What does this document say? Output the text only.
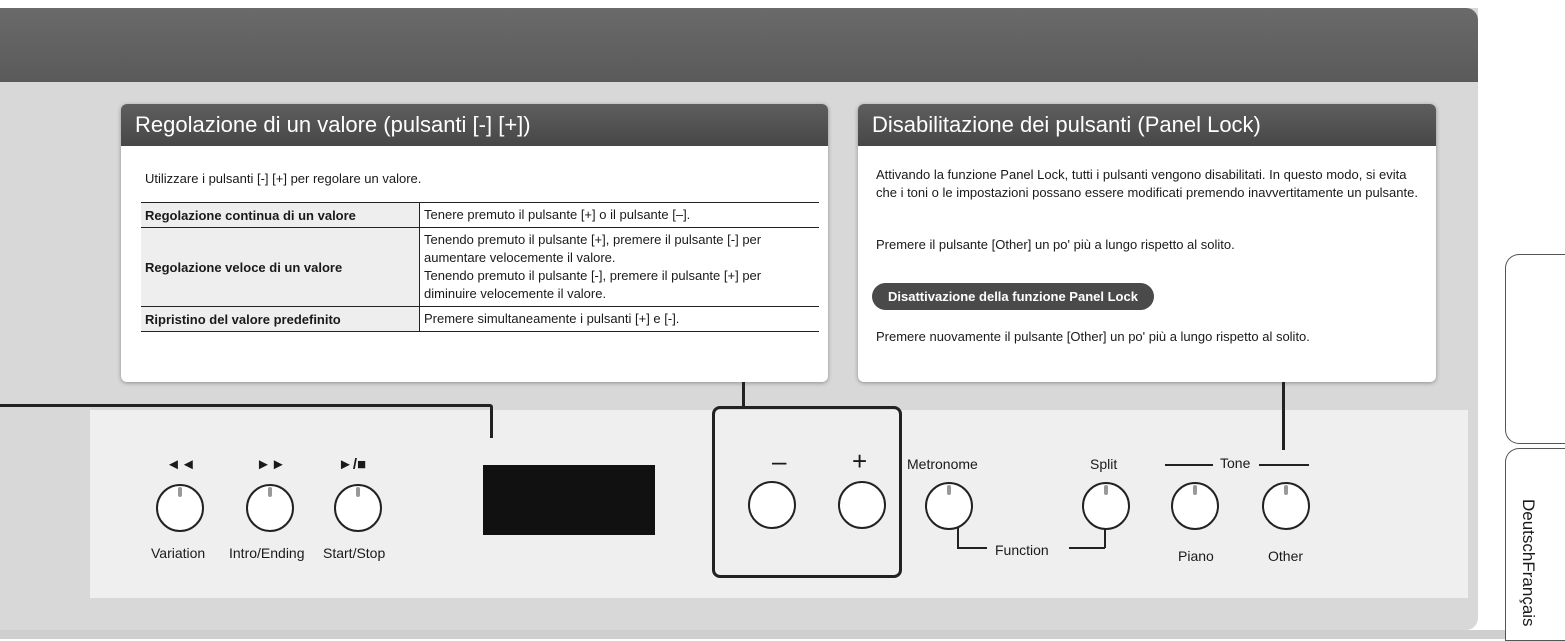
Regolazione di un valore (pulsanti [-] [+])
Utilizzare i pulsanti [-] [+] per regolare un valore.
Regolazione continua di un valore	Tenere premuto il pulsante [+] o il pulsante [–].

Regolazione veloce di un valore	Tenendo premuto il pulsante [+], premere il pulsante [-] per aumentare velocemente il valore.

Tenendo premuto il pulsante [-], premere il pulsante [+] per diminuire velocemente il valore.

Ripristino del valore predefinito	Premere simultaneamente i pulsanti [+] e [-].

Disabilitazione dei pulsanti (Panel Lock)
Attivando la funzione Panel Lock, tutti i pulsanti vengono disabilitati. In questo modo, si evita che i toni o le impostazioni possano essere modificati premendo inavvertitamente un pulsante.
Premere il pulsante [Other] un po' più a lungo rispetto al solito.
Disattivazione della funzione Panel Lock
Premere nuovamente il pulsante [Other] un po' più a lungo rispetto al solito.
◄◄
Variation
►►
Intro/Ending
►/■
Start/Stop
–	+	Metronome	Split
Function
Tone
Piano	Other	DeutschFrançais
